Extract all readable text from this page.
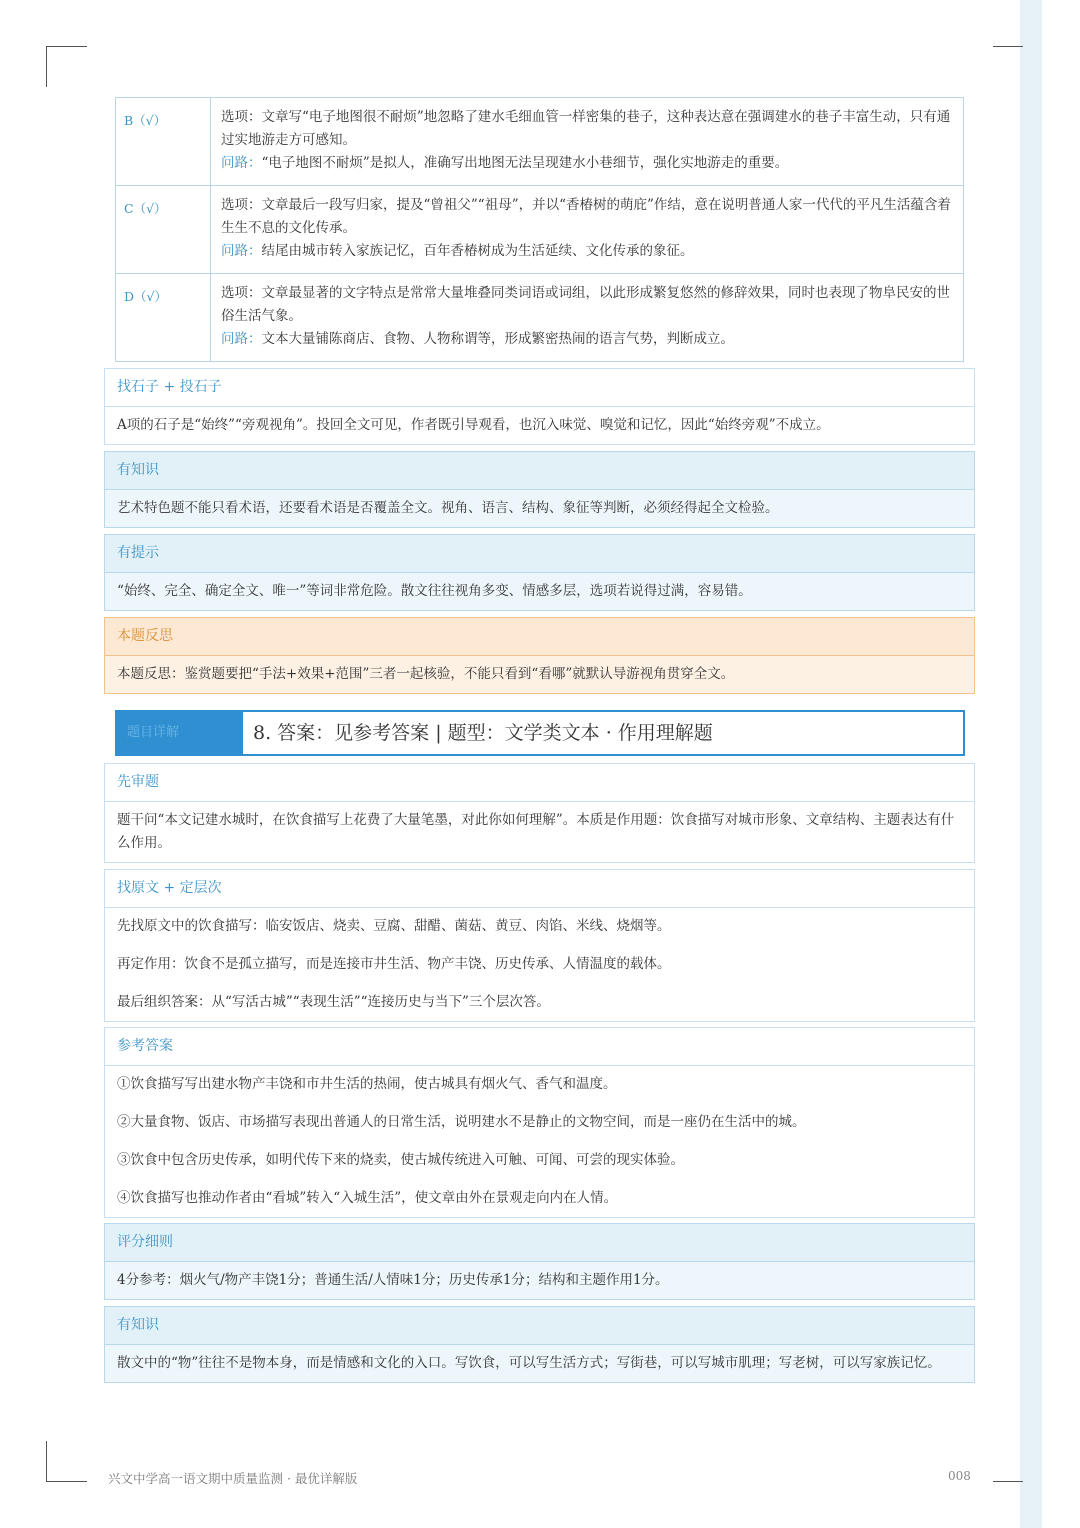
B（√）	选项：文章写“电子地图很不耐烦”地忽略了建水毛细血管一样密集的巷子，这种表达意在强调建水的巷子丰富生动，只有通过实地游走方可感知。
问路：“电子地图不耐烦”是拟人，准确写出地图无法呈现建水小巷细节，强化实地游走的重要。

C（√）	选项：文章最后一段写归家，提及“曾祖父”“祖母”，并以“香椿树的萌庇”作结，意在说明普通人家一代代的平凡生活蕴含着生生不息的文化传承。
问路：结尾由城市转入家族记忆，百年香椿树成为生活延续、文化传承的象征。

D（√）	选项：文章最显著的文字特点是常常大量堆叠同类词语或词组，以此形成繁复悠然的修辞效果，同时也表现了物阜民安的世俗生活气象。
问路：文本大量铺陈商店、食物、人物称谓等，形成繁密热闹的语言气势，判断成立。
找石子 + 投石子
A项的石子是“始终”“旁观视角”。投回全文可见，作者既引导观看，也沉入味觉、嗅觉和记忆，因此“始终旁观”不成立。
有知识
艺术特色题不能只看术语，还要看术语是否覆盖全文。视角、语言、结构、象征等判断，必须经得起全文检验。
有提示
“始终、完全、确定全文、唯一”等词非常危险。散文往往视角多变、情感多层，选项若说得过满，容易错。
本题反思
本题反思：鉴赏题要把“手法+效果+范围”三者一起核验，不能只看到“看哪”就默认导游视角贯穿全文。
题目详解	8. 答案：见参考答案 | 题型：文学类文本 · 作用理解题
先审题
题干问“本文记建水城时，在饮食描写上花费了大量笔墨，对此你如何理解”。本质是作用题：饮食描写对城市形象、文章结构、主题表达有什么作用。
找原文 + 定层次

先找原文中的饮食描写：临安饭店、烧卖、豆腐、甜醋、菌菇、黄豆、肉馅、米线、烧烟等。

再定作用：饮食不是孤立描写，而是连接市井生活、物产丰饶、历史传承、人情温度的载体。

最后组织答案：从“写活古城”“表现生活”“连接历史与当下”三个层次答。

参考答案

①饮食描写写出建水物产丰饶和市井生活的热闹，使古城具有烟火气、香气和温度。

②大量食物、饭店、市场描写表现出普通人的日常生活，说明建水不是静止的文物空间，而是一座仍在生活中的城。

③饮食中包含历史传承，如明代传下来的烧卖，使古城传统进入可触、可闻、可尝的现实体验。

④饮食描写也推动作者由“看城”转入“入城生活”，使文章由外在景观走向内在人情。

评分细则
4分参考：烟火气/物产丰饶1分；普通生活/人情味1分；历史传承1分；结构和主题作用1分。
有知识
散文中的“物”往往不是物本身，而是情感和文化的入口。写饮食，可以写生活方式；写街巷，可以写城市肌理；写老树，可以写家族记忆。
兴文中学高一语文期中质量监测 · 最优详解版	008
